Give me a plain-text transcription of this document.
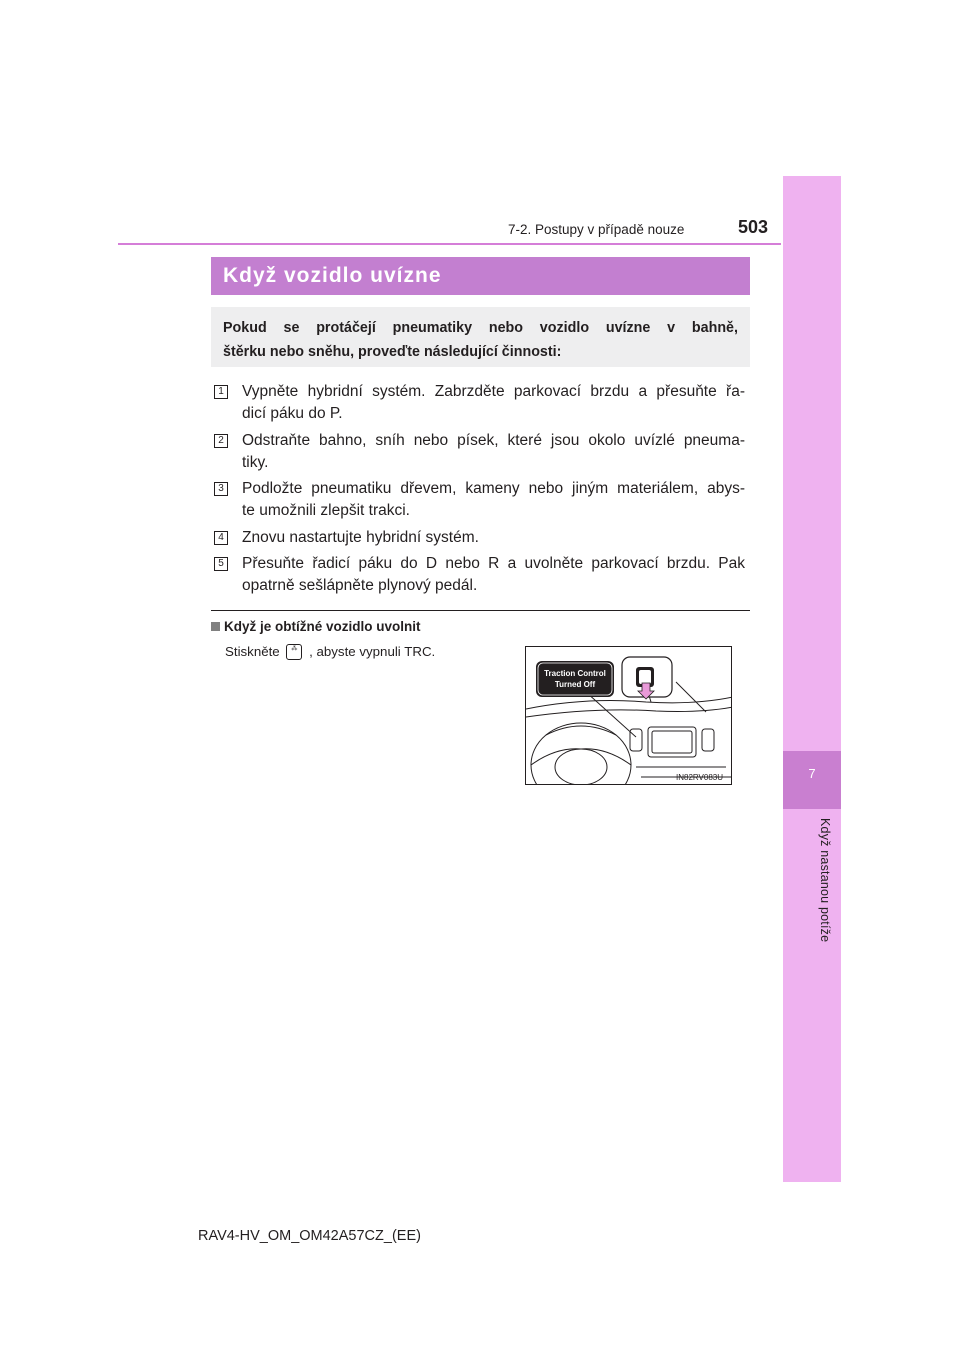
7
Když nastanou potíže
7-2. Postupy v případě nouze	503
Když vozidlo uvízne
Pokud se protáčejí pneumatiky nebo vozidlo uvízne v bahně,
štěrku nebo sněhu, proveďte následující činnosti:
1 Vypněte hybridní systém. Zabrzděte parkovací brzdu a přesuňte řa-
dicí páku do P.
2 Odstraňte bahno, sníh nebo písek, které jsou okolo uvízlé pneuma-
tiky.
3 Podložte pneumatiku dřevem, kameny nebo jiným materiálem, abys-
te umožnili zlepšit trakci.
4 Znovu nastartujte hybridní systém.
5 Přesuňte řadicí páku do D nebo R a uvolněte parkovací brzdu. Pak
opatrně sešlápněte plynový pedál.
Když je obtížné vozidlo uvolnit
Stiskněte ⁂ , abyste vypnuli TRC.
Traction Control
Turned Off
IN82RV083U
RAV4-HV_OM_OM42A57CZ_(EE)
